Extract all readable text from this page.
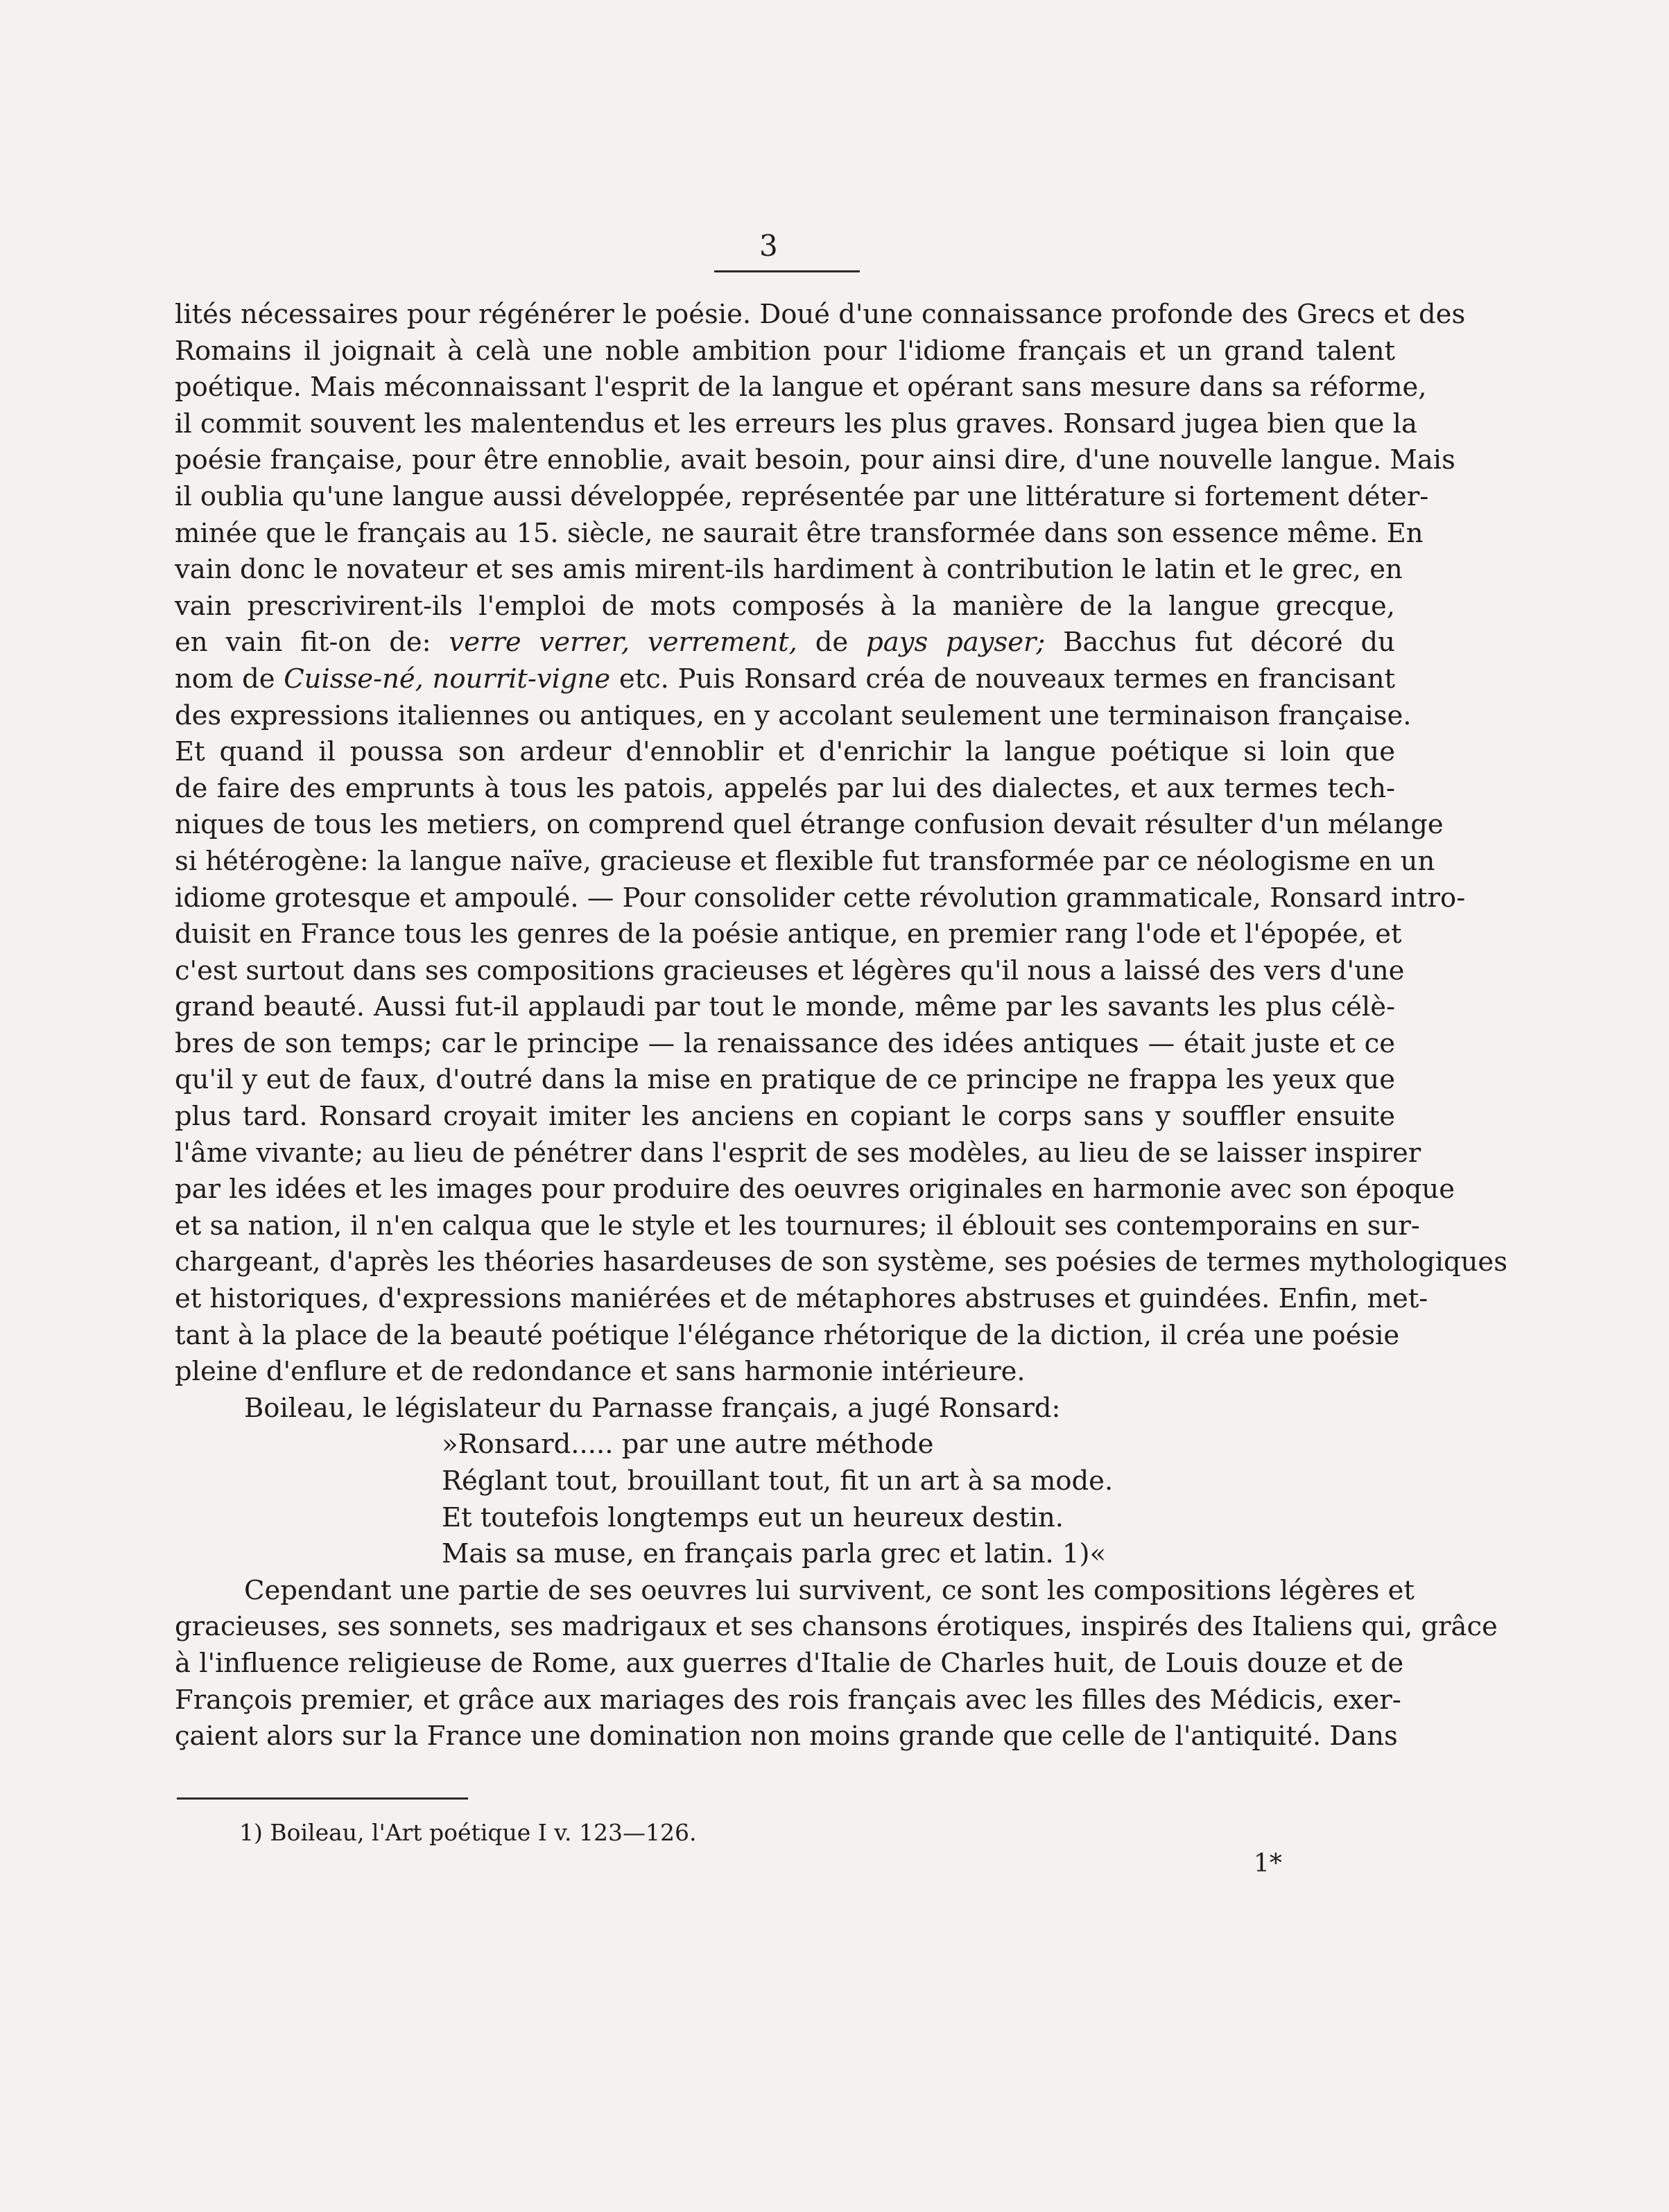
3
lités nécessaires pour régénérer le poésie. Doué d'une connaissance profonde des Grecs et des
Romains il joignait à celà une noble ambition pour l'idiome français et un grand talent
poétique. Mais méconnaissant l'esprit de la langue et opérant sans mesure dans sa réforme,
il commit souvent les malentendus et les erreurs les plus graves. Ronsard jugea bien que la
poésie française, pour être ennoblie, avait besoin, pour ainsi dire, d'une nouvelle langue. Mais
il oublia qu'une langue aussi développée, représentée par une littérature si fortement déter-
minée que le français au 15. siècle, ne saurait être transformée dans son essence même. En
vain donc le novateur et ses amis mirent-ils hardiment à contribution le latin et le grec, en
vain prescrivirent-ils l'emploi de mots composés à la manière de la langue grecque,
en vain fit-on de: verre verrer, verrement, de pays payser; Bacchus fut décoré du
nom de Cuisse-né, nourrit-vigne etc. Puis Ronsard créa de nouveaux termes en francisant
des expressions italiennes ou antiques, en y accolant seulement une terminaison française.
Et quand il poussa son ardeur d'ennoblir et d'enrichir la langue poétique si loin que
de faire des emprunts à tous les patois, appelés par lui des dialectes, et aux termes tech-
niques de tous les metiers, on comprend quel étrange confusion devait résulter d'un mélange
si hétérogène: la langue naïve, gracieuse et flexible fut transformée par ce néologisme en un
idiome grotesque et ampoulé. — Pour consolider cette révolution grammaticale, Ronsard intro-
duisit en France tous les genres de la poésie antique, en premier rang l'ode et l'épopée, et
c'est surtout dans ses compositions gracieuses et légères qu'il nous a laissé des vers d'une
grand beauté. Aussi fut-il applaudi par tout le monde, même par les savants les plus célè-
bres de son temps; car le principe — la renaissance des idées antiques — était juste et ce
qu'il y eut de faux, d'outré dans la mise en pratique de ce principe ne frappa les yeux que
plus tard. Ronsard croyait imiter les anciens en copiant le corps sans y souffler ensuite
l'âme vivante; au lieu de pénétrer dans l'esprit de ses modèles, au lieu de se laisser inspirer
par les idées et les images pour produire des oeuvres originales en harmonie avec son époque
et sa nation, il n'en calqua que le style et les tournures; il éblouit ses contemporains en sur-
chargeant, d'après les théories hasardeuses de son système, ses poésies de termes mythologiques
et historiques, d'expressions maniérées et de métaphores abstruses et guindées. Enfin, met-
tant à la place de la beauté poétique l'élégance rhétorique de la diction, il créa une poésie
pleine d'enflure et de redondance et sans harmonie intérieure.
Boileau, le législateur du Parnasse français, a jugé Ronsard:
»Ronsard..... par une autre méthode
Réglant tout, brouillant tout, fit un art à sa mode.
Et toutefois longtemps eut un heureux destin.
Mais sa muse, en français parla grec et latin. 1)«
Cependant une partie de ses oeuvres lui survivent, ce sont les compositions légères et
gracieuses, ses sonnets, ses madrigaux et ses chansons érotiques, inspirés des Italiens qui, grâce
à l'influence religieuse de Rome, aux guerres d'Italie de Charles huit, de Louis douze et de
François premier, et grâce aux mariages des rois français avec les filles des Médicis, exer-
çaient alors sur la France une domination non moins grande que celle de l'antiquité. Dans
1) Boileau, l'Art poétique I v. 123—126.
1*
